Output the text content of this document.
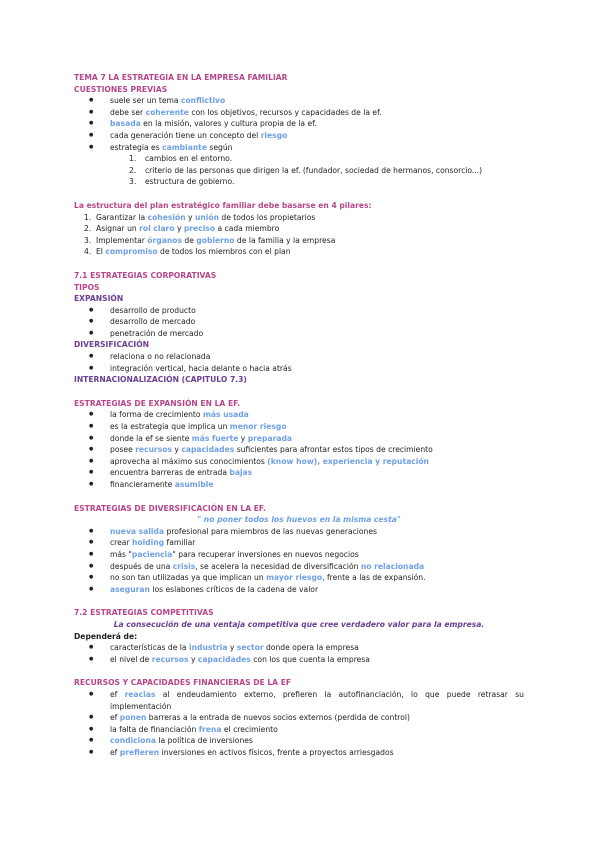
TEMA 7 LA ESTRATEGIA EN LA EMPRESA FAMILIAR
CUESTIONES PREVIAS
● suele ser un tema conflictivo
● debe ser coherente con los objetivos, recursos y capacidades de la ef.
● basada en la misión, valores y cultura propia de la ef.
● cada generación tiene un concepto del riesgo
● estrategia es cambiante según
1. cambios en el entorno.
2. criterio de las personas que dirigen la ef. (fundador, sociedad de hermanos, consorcio...)
3. estructura de gobierno.
La estructura del plan estratégico familiar debe basarse en 4 pilares:
1. Garantizar la cohesión y unión de todos los propietarios
2. Asignar un rol claro y preciso a cada miembro
3. Implementar órganos de gobierno de la familia y la empresa
4. El compromiso de todos los miembros con el plan
7.1 ESTRATEGIAS CORPORATIVAS
TIPOS
EXPANSIÓN
● desarrollo de producto
● desarrollo de mercado
● penetración de mercado
DIVERSIFICACIÓN
● relaciona o no relacionada
● integración vertical, hacia delante o hacia atrás
INTERNACIONALIZACIÓN (CAPITULO 7.3)
ESTRATEGIAS DE EXPANSIÓN EN LA EF.
● la forma de crecimiento más usada
● es la estrategia que implica un menor riesgo
● donde la ef se siente más fuerte y preparada
● posee recursos y capacidades suficientes para afrontar estos tipos de crecimiento
● aprovecha al máximo sus conocimientos (know how), experiencia y reputación
● encuentra barreras de entrada bajas
● financieramente asumible
ESTRATEGIAS DE DIVERSIFICACIÓN EN LA EF.
" no poner todos los huevos en la misma cesta"
● nueva salida profesional para miembros de las nuevas generaciones
● crear holding familiar
● más "paciencia" para recuperar inversiones en nuevos negocios
● después de una crisis, se acelera la necesidad de diversificación no relacionada
● no son tan utilizadas ya que implican un mayor riesgo, frente a las de expansión.
● aseguran los eslabones críticos de la cadena de valor
7.2 ESTRATEGIAS COMPETITIVAS
La consecución de una ventaja competitiva que cree verdadero valor para la empresa.
Dependerá de:
● características de la industria y sector donde opera la empresa
● el nivel de recursos y capacidades con los que cuenta la empresa
RECURSOS Y CAPACIDADES FINANCIERAS DE LA EF
● ef reacias al endeudamiento externo, prefieren la autofinanciación, lo que puede retrasar su
implementación
● ef ponen barreras a la entrada de nuevos socios externos (perdida de control)
● la falta de financiación frena el crecimiento
● condiciona la política de inversiones
● ef prefieren inversiones en activos físicos, frente a proyectos arriesgados
